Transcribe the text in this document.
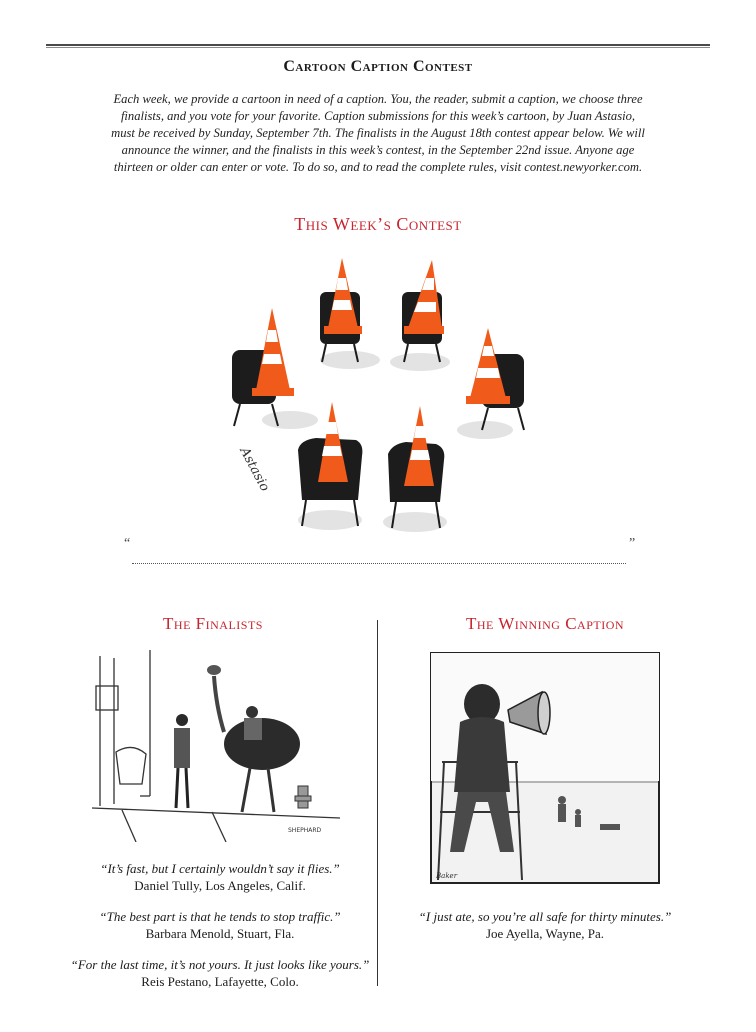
Cartoon Caption Contest
Each week, we provide a cartoon in need of a caption. You, the reader, submit a caption, we choose three finalists, and you vote for your favorite. Caption submissions for this week’s cartoon, by Juan Astasio, must be received by Sunday, September 7th. The finalists in the August 18th contest appear below. We will announce the winner, and the finalists in this week’s contest, in the September 22nd issue. Anyone age thirteen or older can enter or vote. To do so, and to read the complete rules, visit contest.newyorker.com.
This Week’s Contest
Astasio
“	”
The Finalists	The Winning Caption
SHEPHARD
Baker
“It’s fast, but I certainly wouldn’t say it flies.”
Daniel Tully, Los Angeles, Calif.
“The best part is that he tends to stop traffic.”
Barbara Menold, Stuart, Fla.
“For the last time, it’s not yours. It just looks like yours.”
Reis Pestano, Lafayette, Colo.
“I just ate, so you’re all safe for thirty minutes.”
Joe Ayella, Wayne, Pa.
